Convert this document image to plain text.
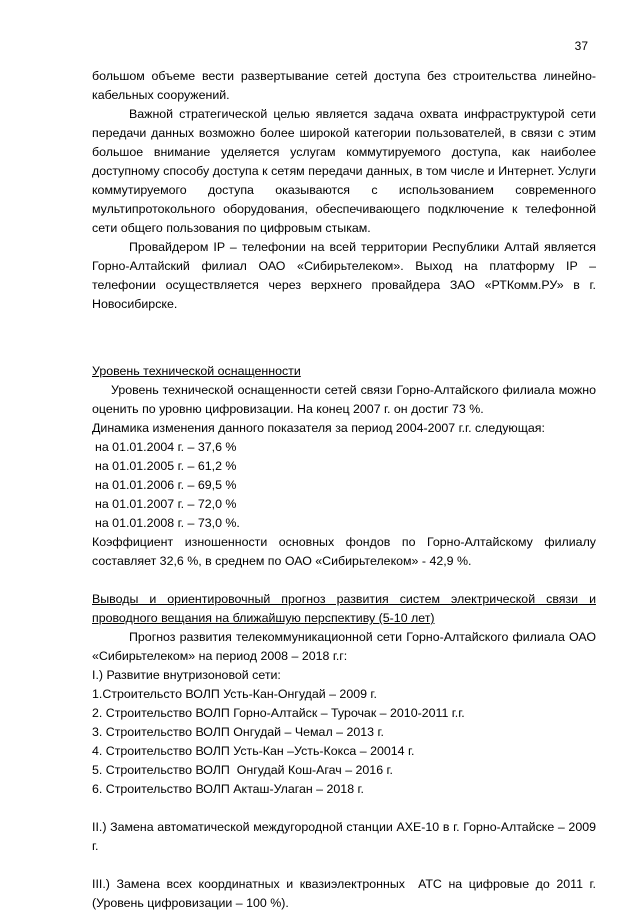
37

большом объеме вести развертывание сетей доступа без строительства линейно-кабельных сооружений.

Важной стратегической целью является задача охвата инфраструктурой сети передачи данных возможно более широкой категории пользователей, в связи с этим большое внимание уделяется услугам коммутируемого доступа, как наиболее доступному способу доступа к сетям передачи данных, в том числе и Интернет. Услуги коммутируемого доступа оказываются с использованием современного мультипротокольного оборудования, обеспечивающего подключение к телефонной сети общего пользования по цифровым стыкам.

Провайдером IP – телефонии на всей территории Республики Алтай является Горно-Алтайский филиал ОАО «Сибирьтелеком». Выход на платформу IP – телефонии осуществляется через верхнего провайдера ЗАО «РТКомм.РУ» в г. Новосибирске.

Уровень технической оснащенности

Уровень технической оснащенности сетей связи Горно-Алтайского филиала можно оценить по уровню цифровизации. На конец 2007 г. он достиг 73 %.

Динамика изменения данного показателя за период 2004-2007 г.г. следующая:

на 01.01.2004 г. – 37,6 %

на 01.01.2005 г. – 61,2 %

на 01.01.2006 г. – 69,5 %

на 01.01.2007 г. – 72,0 %

на 01.01.2008 г. – 73,0 %.

Коэффициент изношенности основных фондов по Горно-Алтайскому филиалу составляет 32,6 %, в среднем по ОАО «Сибирьтелеком» - 42,9 %.

Выводы и ориентировочный прогноз развития систем электрической связи и проводного вещания на ближайшую перспективу (5-10 лет)

Прогноз развития телекоммуникационной сети Горно-Алтайского филиала ОАО «Сибирьтелеком» на период 2008 – 2018 г.г:

I.) Развитие внутризоновой сети:

1.Строительсто ВОЛП Усть-Кан-Онгудай – 2009 г.

2. Строительство ВОЛП Горно-Алтайск – Турочак – 2010-2011 г.г.

3. Строительство ВОЛП Онгудай – Чемал – 2013 г.

4. Строительство ВОЛП Усть-Кан –Усть-Кокса – 20014 г.

5. Строительство ВОЛП  Онгудай Кош-Агач – 2016 г.

6. Строительство ВОЛП Акташ-Улаган – 2018 г.

II.) Замена автоматической междугородной станции АХЕ-10 в г. Горно-Алтайске – 2009 г.

III.) Замена всех координатных и квазиэлектронных  АТС на цифровые до 2011 г. (Уровень цифровизации – 100 %).
